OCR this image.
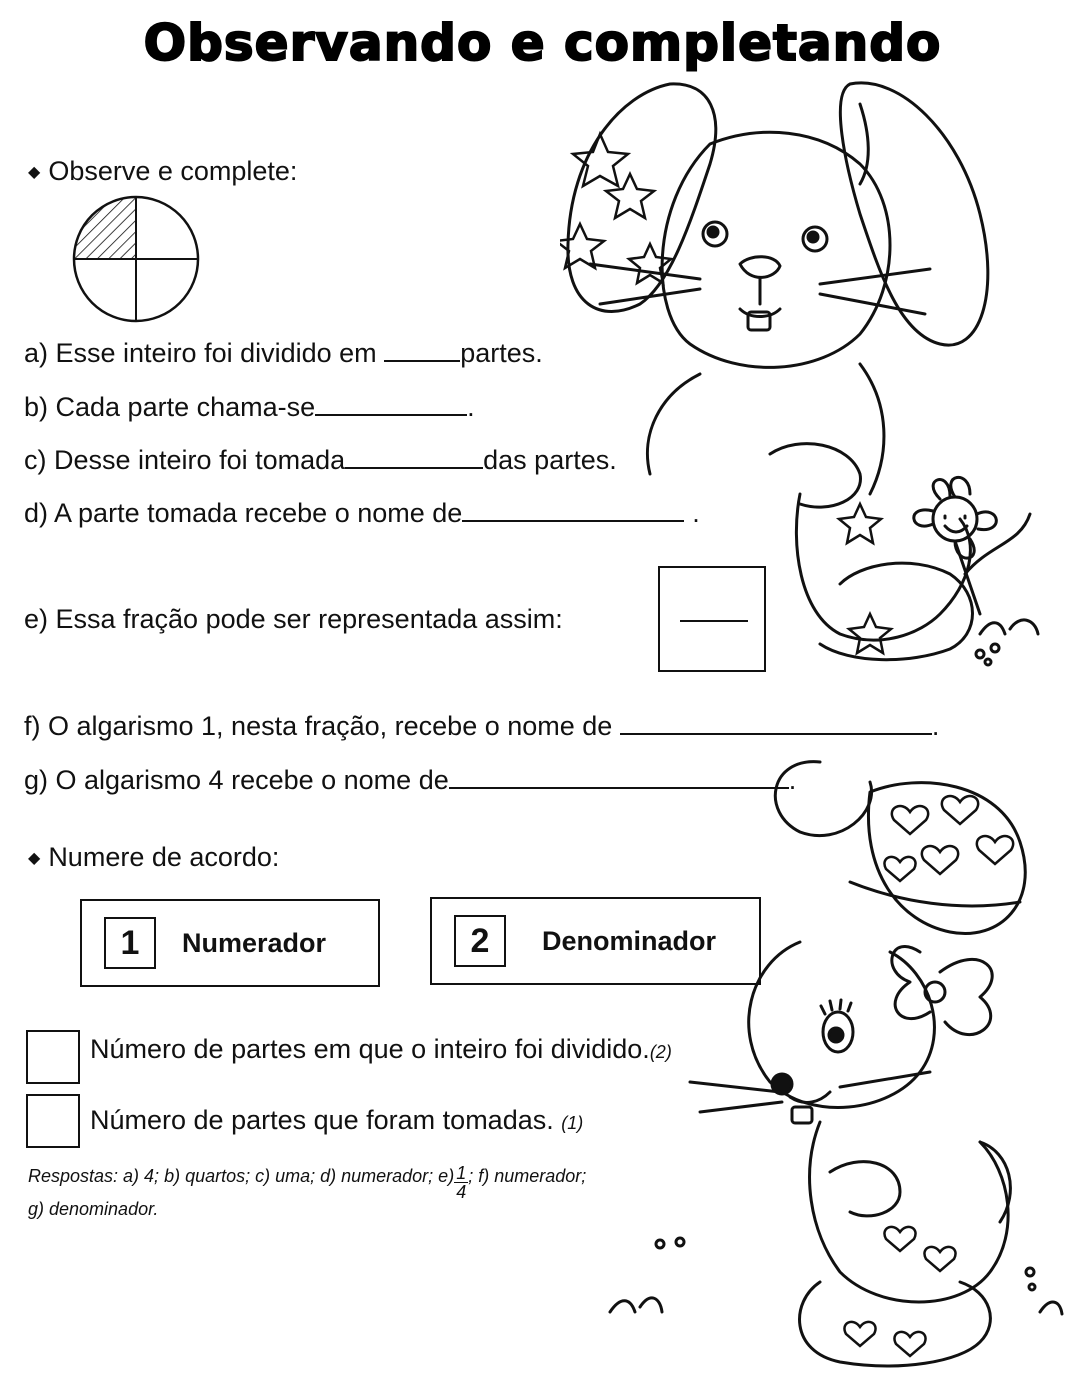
Observando e completando
◆ Observe e complete:
a) Esse inteiro foi dividido em	partes.
b) Cada parte chama-se	.
c) Desse inteiro foi tomada	das partes.
d) A parte tomada recebe o nome de	.
e) Essa fração pode ser representada assim:
f) O algarismo 1, nesta fração, recebe o nome de	.
g) O algarismo 4 recebe o nome de	.
◆ Numere de acordo:
1	Numerador	2	Denominador
Número de partes em que o inteiro foi dividido.(2)
Número de partes que foram tomadas. (1)
Respostas: a) 4; b) quartos; c) uma; d) numerador; $e) \frac{1}{4}$; f) numerador;
g) denominador.
